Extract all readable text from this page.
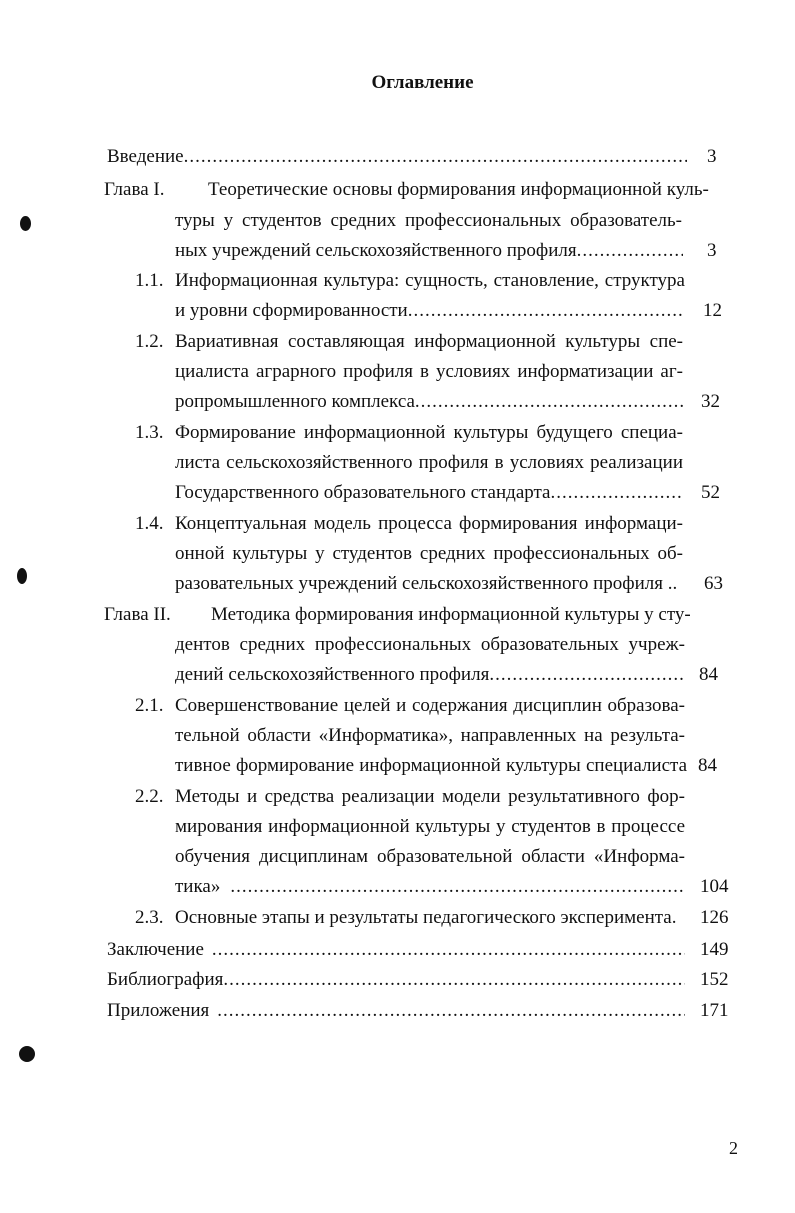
Оглавление
Введение .....	3
Глава I. Теоретические основы формирования информационной куль-
туры у студентов средних профессиональных образователь-
ных учреждений сельскохозяйственного профиля .....	3
1.1. Информационная культура: сущность, становление, структура
и уровни сформированности .....	12
1.2. Вариативная составляющая информационной культуры спе-
циалиста аграрного профиля в условиях информатизации аг-
ропромышленного комплекса .....	32
1.3. Формирование информационной культуры будущего специа-
листа сельскохозяйственного профиля в условиях реализации
Государственного образовательного стандарта .....	52
1.4. Концептуальная модель процесса формирования информаци-
онной культуры у студентов средних профессиональных об-
разовательных учреждений сельскохозяйственного профиля ..	63
Глава II. Методика формирования информационной культуры у сту-
дентов средних профессиональных образовательных учреж-
дений сельскохозяйственного профиля .....	84
2.1. Совершенствование целей и содержания дисциплин образова-
тельной области «Информатика», направленных на результа-
тивное формирование информационной культуры специалиста 84
2.2. Методы и средства реализации модели результативного фор-
мирования информационной культуры у студентов в процессе
обучения дисциплинам образовательной области «Информа-
тика» .....	104
2.3. Основные этапы и результаты педагогического эксперимента.	126
Заключение .....	149
Библиография .....	152
Приложения .....	171
2
